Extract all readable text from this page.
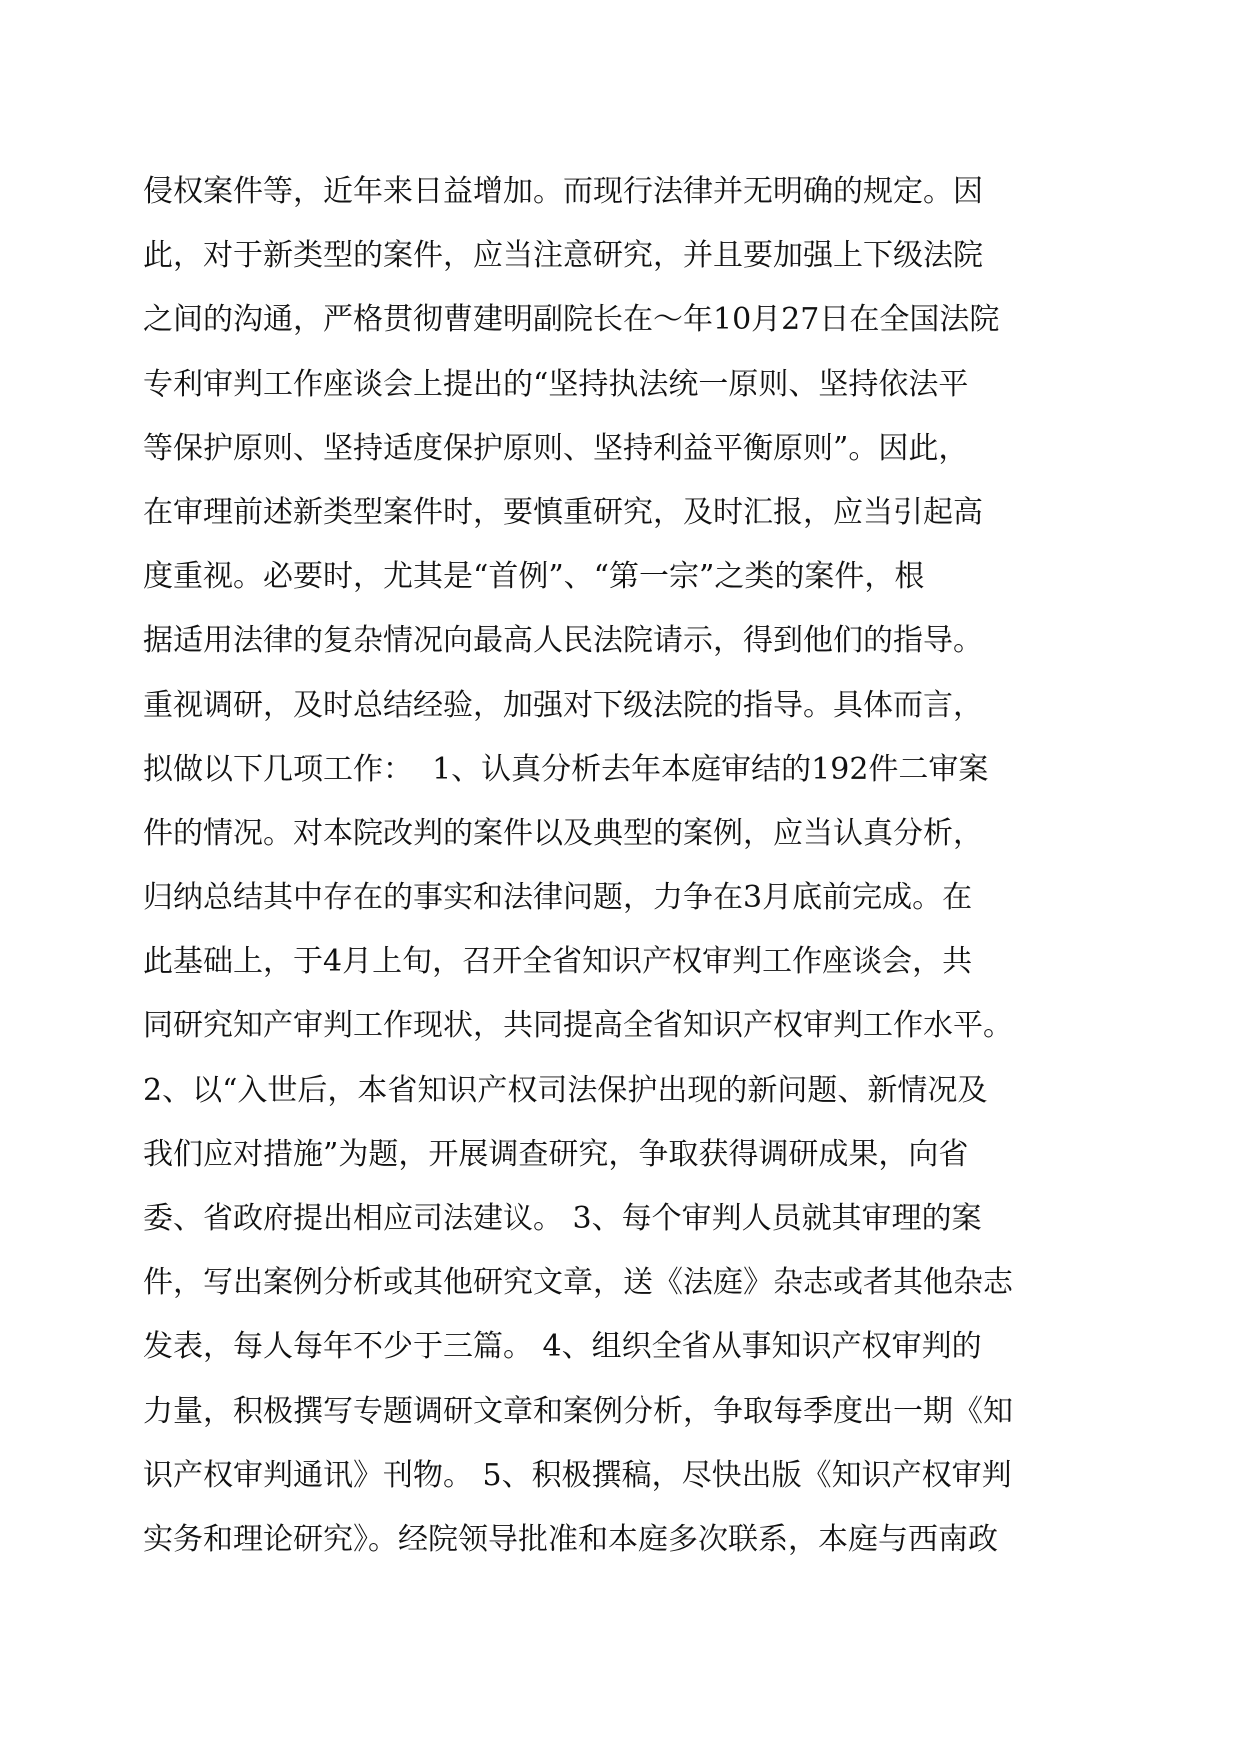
侵权案件等，近年来日益增加。而现行法律并无明确的规定。因
此，对于新类型的案件，应当注意研究，并且要加强上下级法院
之间的沟通，严格贯彻曹建明副院长在～年10月27日在全国法院
专利审判工作座谈会上提出的“坚持执法统一原则、坚持依法平
等保护原则、坚持适度保护原则、坚持利益平衡原则”。因此，
在审理前述新类型案件时，要慎重研究，及时汇报，应当引起高
度重视。必要时，尤其是“首例”、“第一宗”之类的案件，根
据适用法律的复杂情况向最高人民法院请示，得到他们的指导。
重视调研，及时总结经验，加强对下级法院的指导。具体而言，
拟做以下几项工作：  1、认真分析去年本庭审结的192件二审案
件的情况。对本院改判的案件以及典型的案例，应当认真分析，
归纳总结其中存在的事实和法律问题，力争在3月底前完成。在
此基础上，于4月上旬，召开全省知识产权审判工作座谈会，共
同研究知产审判工作现状，共同提高全省知识产权审判工作水平。
2、以“入世后，本省知识产权司法保护出现的新问题、新情况及
我们应对措施”为题，开展调查研究，争取获得调研成果，向省
委、省政府提出相应司法建议。 3、每个审判人员就其审理的案
件，写出案例分析或其他研究文章，送《法庭》杂志或者其他杂志
发表，每人每年不少于三篇。 4、组织全省从事知识产权审判的
力量，积极撰写专题调研文章和案例分析，争取每季度出一期《知
识产权审判通讯》刊物。 5、积极撰稿，尽快出版《知识产权审判
实务和理论研究》。经院领导批准和本庭多次联系，本庭与西南政
